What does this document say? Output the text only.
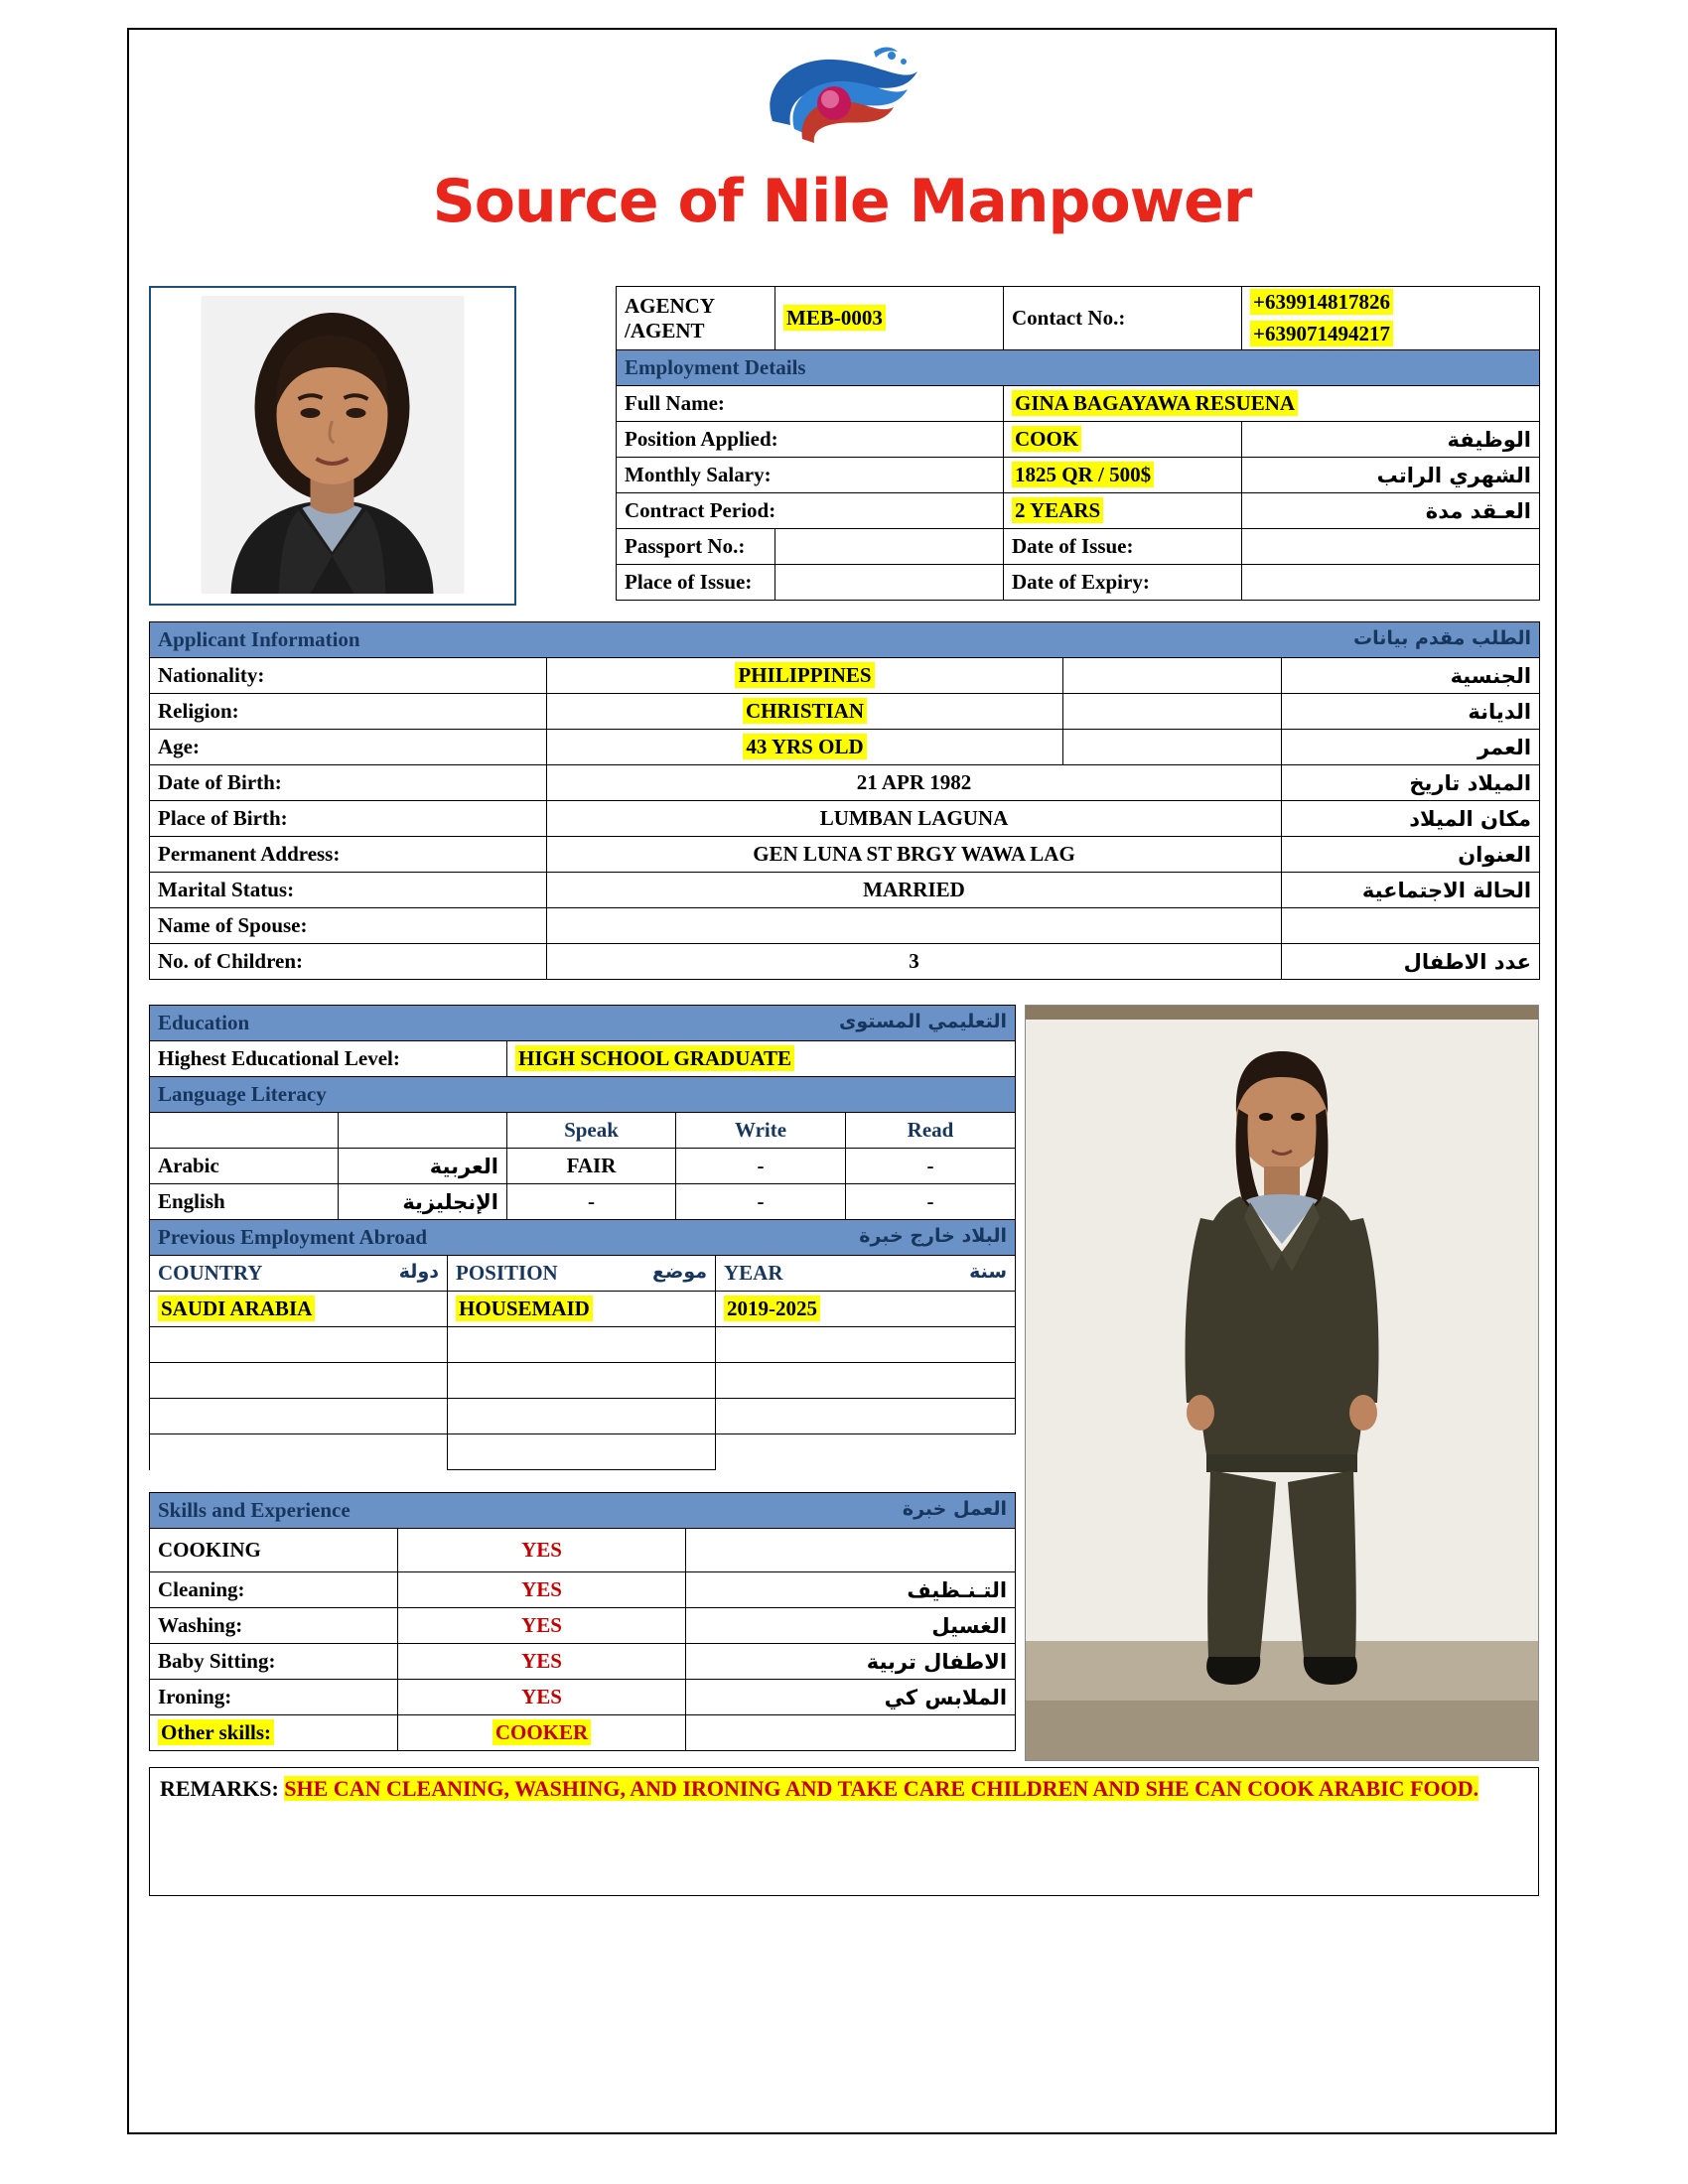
Source of Nile Manpower
AGENCY /AGENT	MEB-0003	Contact No.:	+639914817826
			+639071494217
Employment Details			
Full Name:		GINA BAGAYAWA RESUENA	
Position Applied:		COOK	الوظيفة
Monthly Salary:		1825 QR / 500$	الشهري الراتب
Contract Period:		2 YEARS	العـقد مدة
Passport No.:		Date of Issue:	
Place of Issue:		Date of Expiry:	
Applicant Information الطلب مقدم بيانات			

Nationality:	PHILIPPINES		الجنسية
Religion:	CHRISTIAN		الديانة
Age:	43 YRS OLD		العمر
Date of Birth:	21 APR 1982		الميلاد تاريخ
Place of Birth:	LUMBAN LAGUNA		مكان الميلاد
Permanent Address:	GEN LUNA ST BRGY WAWA LAG		العنوان
Marital Status:	MARRIED		الحالة الاجتماعية
Name of Spouse:			
No. of Children:	3		عدد الاطفال
Education	التعليمي المستوى

Highest Educational Level:	HIGH SCHOOL GRADUATE
Language Literacy				
		Speak	Write	Read
Arabic	العربية	FAIR	-	-
English	الإنجليزية	-	-	-
Previous Employment Abroad البلاد خارج خبرة		

COUNTRY دولة	POSITION موضع	YEAR سنة

SAUDI ARABIA	HOUSEMAID	2019-2025

Skills and Experience العمل خبرة		

COOKING	YES	
Cleaning:	YES	التـنـظيف
Washing:	YES	الغسيل
Baby Sitting:	YES	الاطفال تربية
Ironing:	YES	الملابس كي
Other skills:	COOKER	
REMARKS: SHE CAN CLEANING, WASHING, AND IRONING AND TAKE CARE CHILDREN AND SHE CAN COOK ARABIC FOOD.
